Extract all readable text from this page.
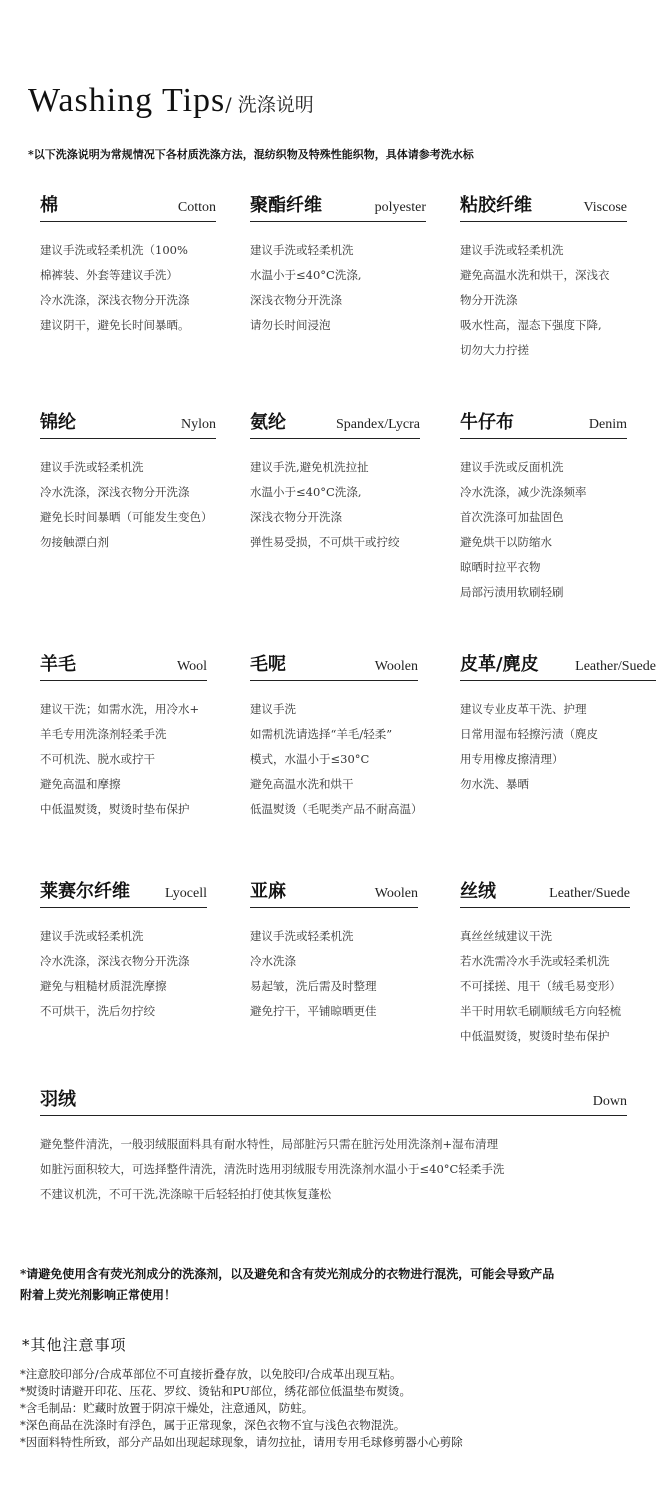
Washing Tips/ 洗涤说明
*以下洗涤说明为常规情况下各材质洗涤方法，混纺织物及特殊性能织物，具体请参考洗水标
棉	Cotton
建议手洗或轻柔机洗（100%
棉裤装、外套等建议手洗）
冷水洗涤，深浅衣物分开洗涤
建议阴干，避免长时间暴晒。
聚酯纤维	polyester
建议手洗或轻柔机洗
水温小于≤40°C洗涤,
深浅衣物分开洗涤
请勿长时间浸泡
粘胶纤维	Viscose
建议手洗或轻柔机洗
避免高温水洗和烘干，深浅衣
物分开洗涤
吸水性高，湿态下强度下降,
切勿大力拧搓
锦纶	Nylon
建议手洗或轻柔机洗
冷水洗涤，深浅衣物分开洗涤
避免长时间暴晒（可能发生变色）
勿接触漂白剂
氨纶	Spandex/Lycra
建议手洗,避免机洗拉扯
水温小于≤40°C洗涤,
深浅衣物分开洗涤
弹性易受损，不可烘干或拧绞
牛仔布	Denim
建议手洗或反面机洗
冷水洗涤，减少洗涤频率
首次洗涤可加盐固色
避免烘干以防缩水
晾晒时拉平衣物
局部污渍用软刷轻刷
羊毛	Wool
建议干洗；如需水洗，用冷水+
羊毛专用洗涤剂轻柔手洗
不可机洗、脱水或拧干
避免高温和摩擦
中低温熨烫，熨烫时垫布保护
毛呢	Woolen
建议手洗
如需机洗请选择“羊毛/轻柔”
模式，水温小于≤30°C
避免高温水洗和烘干
低温熨烫（毛呢类产品不耐高温）
皮革/麂皮	Leather/Suede
建议专业皮革干洗、护理
日常用湿布轻擦污渍（麂皮
用专用橡皮擦清理）
勿水洗、暴晒
莱赛尔纤维	Lyocell
建议手洗或轻柔机洗
冷水洗涤，深浅衣物分开洗涤
避免与粗糙材质混洗摩擦
不可烘干，洗后勿拧绞
亚麻	Woolen
建议手洗或轻柔机洗
冷水洗涤
易起皱，洗后需及时整理
避免拧干，平铺晾晒更佳
丝绒	Leather/Suede
真丝丝绒建议干洗
若水洗需冷水手洗或轻柔机洗
不可揉搓、甩干（绒毛易变形）
半干时用软毛刷顺绒毛方向轻梳
中低温熨烫，熨烫时垫布保护
羽绒	Down
避免整件清洗，一般羽绒服面料具有耐水特性，局部脏污只需在脏污处用洗涤剂+湿布清理
如脏污面积较大，可选择整件清洗，清洗时选用羽绒服专用洗涤剂水温小于≤40°C轻柔手洗
不建议机洗，不可干洗,洗涤晾干后轻轻拍打使其恢复蓬松
*请避免使用含有荧光剂成分的洗涤剂，以及避免和含有荧光剂成分的衣物进行混洗，可能会导致产品
附着上荧光剂影响正常使用！
*其他注意事项
*注意胶印部分/合成革部位不可直接折叠存放，以免胶印/合成革出现互粘。
*熨烫时请避开印花、压花、罗纹、烫钻和PU部位，绣花部位低温垫布熨烫。
*含毛制品：贮藏时放置于阴凉干燥处，注意通风，防蛀。
*深色商品在洗涤时有浮色，属于正常现象，深色衣物不宜与浅色衣物混洗。
*因面料特性所致，部分产品如出现起球现象，请勿拉扯，请用专用毛球修剪器小心剪除
